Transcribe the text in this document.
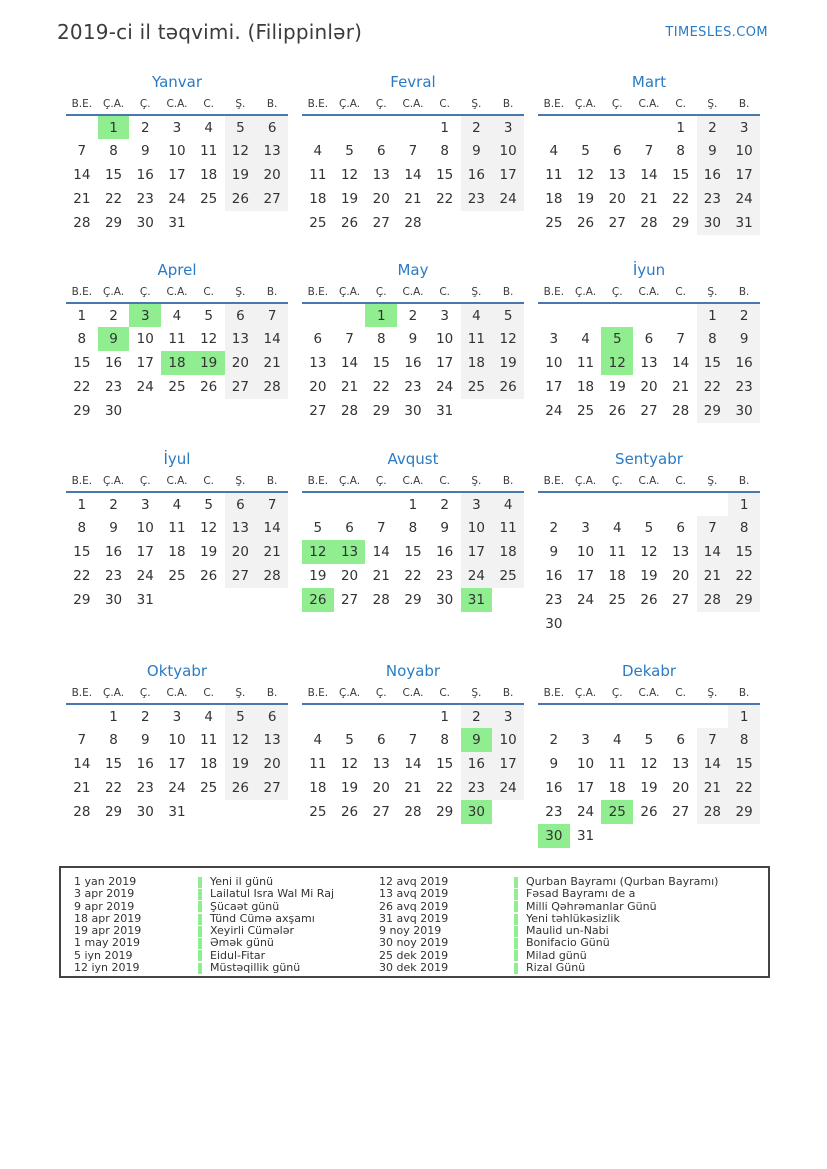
2019-ci il təqvimi. (Filippinlər)	TIMESLES.COM
Yanvar
B.E.	Ç.A.	Ç.	C.A.	C.	Ş.	B.
	1	2	3	4	5	6
7	8	9	10	11	12	13
14	15	16	17	18	19	20
21	22	23	24	25	26	27
28	29	30	31			
Fevral
B.E.	Ç.A.	Ç.	C.A.	C.	Ş.	B.
				1	2	3
4	5	6	7	8	9	10
11	12	13	14	15	16	17
18	19	20	21	22	23	24
25	26	27	28			
Mart
B.E.	Ç.A.	Ç.	C.A.	C.	Ş.	B.
				1	2	3
4	5	6	7	8	9	10
11	12	13	14	15	16	17
18	19	20	21	22	23	24
25	26	27	28	29	30	31
Aprel
B.E.	Ç.A.	Ç.	C.A.	C.	Ş.	B.
1	2	3	4	5	6	7
8	9	10	11	12	13	14
15	16	17	18	19	20	21
22	23	24	25	26	27	28
29	30					
May
B.E.	Ç.A.	Ç.	C.A.	C.	Ş.	B.
		1	2	3	4	5
6	7	8	9	10	11	12
13	14	15	16	17	18	19
20	21	22	23	24	25	26
27	28	29	30	31		
İyun
B.E.	Ç.A.	Ç.	C.A.	C.	Ş.	B.
					1	2
3	4	5	6	7	8	9
10	11	12	13	14	15	16
17	18	19	20	21	22	23
24	25	26	27	28	29	30
İyul
B.E.	Ç.A.	Ç.	C.A.	C.	Ş.	B.
1	2	3	4	5	6	7
8	9	10	11	12	13	14
15	16	17	18	19	20	21
22	23	24	25	26	27	28
29	30	31				
Avqust
B.E.	Ç.A.	Ç.	C.A.	C.	Ş.	B.
			1	2	3	4
5	6	7	8	9	10	11
12	13	14	15	16	17	18
19	20	21	22	23	24	25
26	27	28	29	30	31	
Sentyabr
B.E.	Ç.A.	Ç.	C.A.	C.	Ş.	B.
						1
2	3	4	5	6	7	8
9	10	11	12	13	14	15
16	17	18	19	20	21	22
23	24	25	26	27	28	29
30						
Oktyabr
B.E.	Ç.A.	Ç.	C.A.	C.	Ş.	B.
	1	2	3	4	5	6
7	8	9	10	11	12	13
14	15	16	17	18	19	20
21	22	23	24	25	26	27
28	29	30	31			
Noyabr
B.E.	Ç.A.	Ç.	C.A.	C.	Ş.	B.
				1	2	3
4	5	6	7	8	9	10
11	12	13	14	15	16	17
18	19	20	21	22	23	24
25	26	27	28	29	30	
Dekabr
B.E.	Ç.A.	Ç.	C.A.	C.	Ş.	B.
						1
2	3	4	5	6	7	8
9	10	11	12	13	14	15
16	17	18	19	20	21	22
23	24	25	26	27	28	29
30	31					
1 yan 2019	Yeni il günü	12 avq 2019	Qurban Bayramı (Qurban Bayramı)
3 apr 2019	Lailatul Isra Wal Mi Raj	13 avq 2019	Fəsad Bayramı de a
9 apr 2019	Şücaət günü	26 avq 2019	Milli Qəhrəmanlar Günü
18 apr 2019	Tünd Cümə axşamı	31 avq 2019	Yeni təhlükəsizlik
19 apr 2019	Xeyirli Cümələr	9 noy 2019	Maulid un-Nabi
1 may 2019	Əmək günü	30 noy 2019	Bonifacio Günü
5 iyn 2019	Eidul-Fitar	25 dek 2019	Milad günü
12 iyn 2019	Müstəqillik günü	30 dek 2019	Rizal Günü
